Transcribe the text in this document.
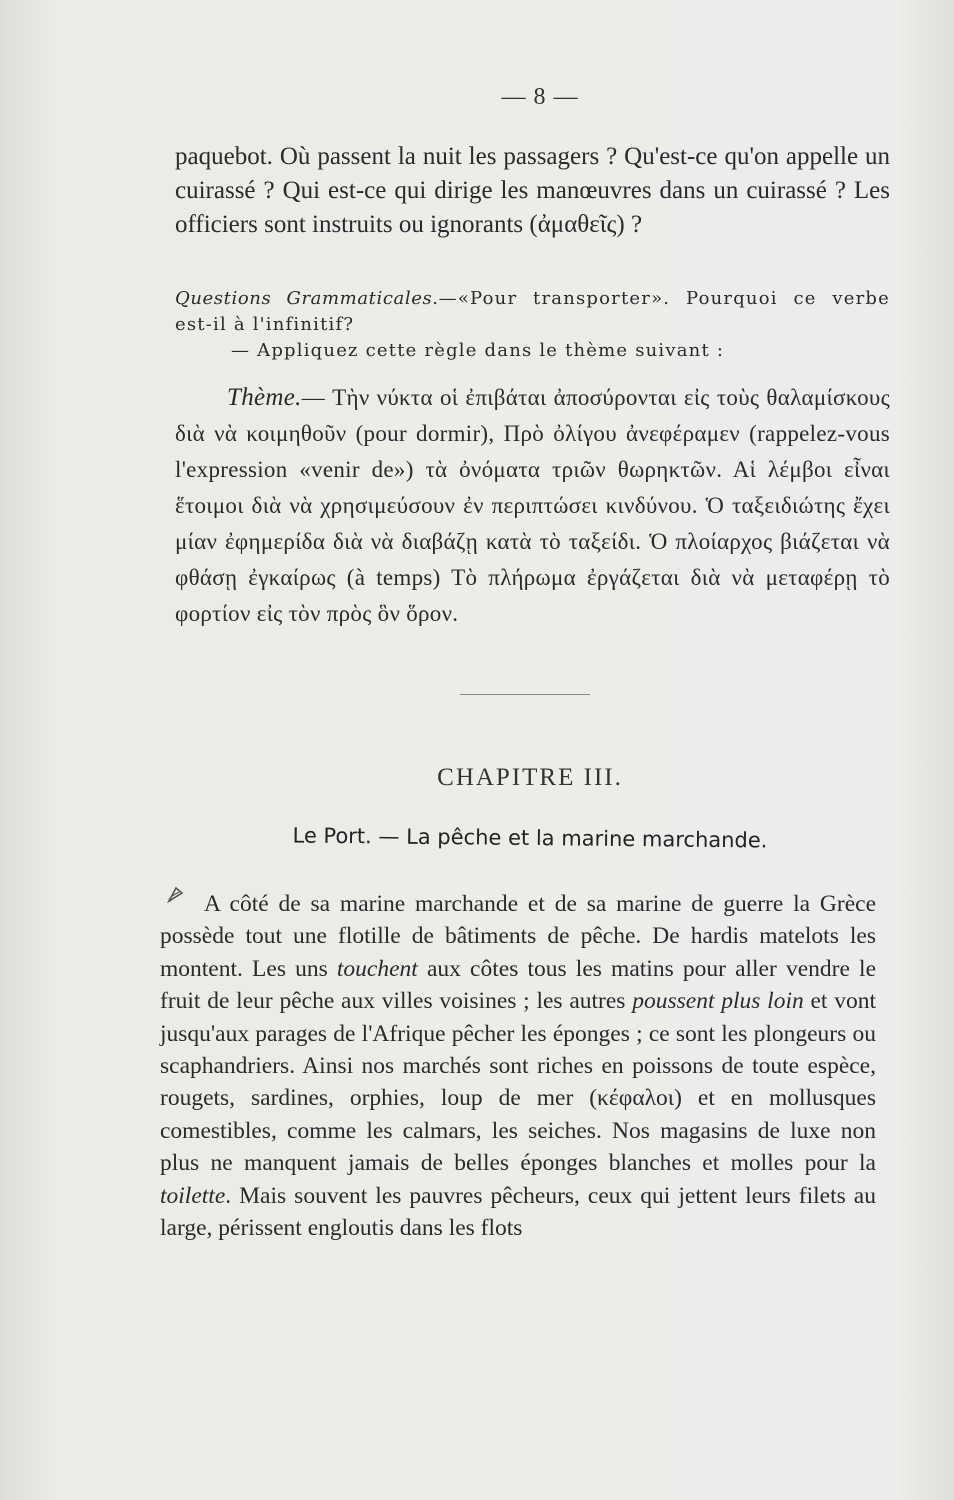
— 8 —

paquebot. Où passent la nuit les passagers ? Qu'est-ce qu'on appelle un cuirassé ? Qui est-ce qui dirige les manœuvres dans un cuirassé ? Les officiers sont instruits ou ignorants (ἀμαθεῖς) ?

Questions Grammaticales.—«Pour transporter». Pourquoi ce verbe est-il à l'infinitif?
— Appliquez cette règle dans le thème suivant :

Thème.— Τὴν νύκτα οἱ ἐπιβάται ἀποσύρονται εἰς τοὺς θαλαμίσκους διὰ νὰ κοιμηθοῦν (pour dormir), Πρὸ ὀλίγου ἀνεφέραμεν (rappelez-vous l'expression «venir de») τὰ ὀνόματα τριῶν θωρηκτῶν. Αἱ λέμβοι εἶναι ἕτοιμοι διὰ νὰ χρησιμεύσουν ἐν περιπτώσει κινδύνου. Ὁ ταξειδιώτης ἔχει μίαν ἐφημερίδα διὰ νὰ διαβάζῃ κατὰ τὸ ταξείδι. Ὁ πλοίαρχος βιάζεται νὰ φθάσῃ ἐγκαίρως (à temps) Τὸ πλήρωμα ἐργάζεται διὰ νὰ μεταφέρῃ τὸ φορτίον εἰς τὸν πρὸς ὃν ὅρον.

CHAPITRE III.
Le Port. — La pêche et la marine marchande.

A côté de sa marine marchande et de sa marine de guerre la Grèce possède tout une flotille de bâtiments de pêche. De hardis matelots les montent. Les uns touchent aux côtes tous les matins pour aller vendre le fruit de leur pêche aux villes voisines ; les autres poussent plus loin et vont jusqu'aux parages de l'Afrique pêcher les éponges ; ce sont les plongeurs ou scaphandriers. Ainsi nos marchés sont riches en poissons de toute espèce, rougets, sardines, orphies, loup de mer (κέφαλοι) et en mollusques comestibles, comme les calmars, les seiches. Nos magasins de luxe non plus ne manquent jamais de belles éponges blanches et molles pour la toilette. Mais souvent les pauvres pêcheurs, ceux qui jettent leurs filets au large, périssent engloutis dans les flots
